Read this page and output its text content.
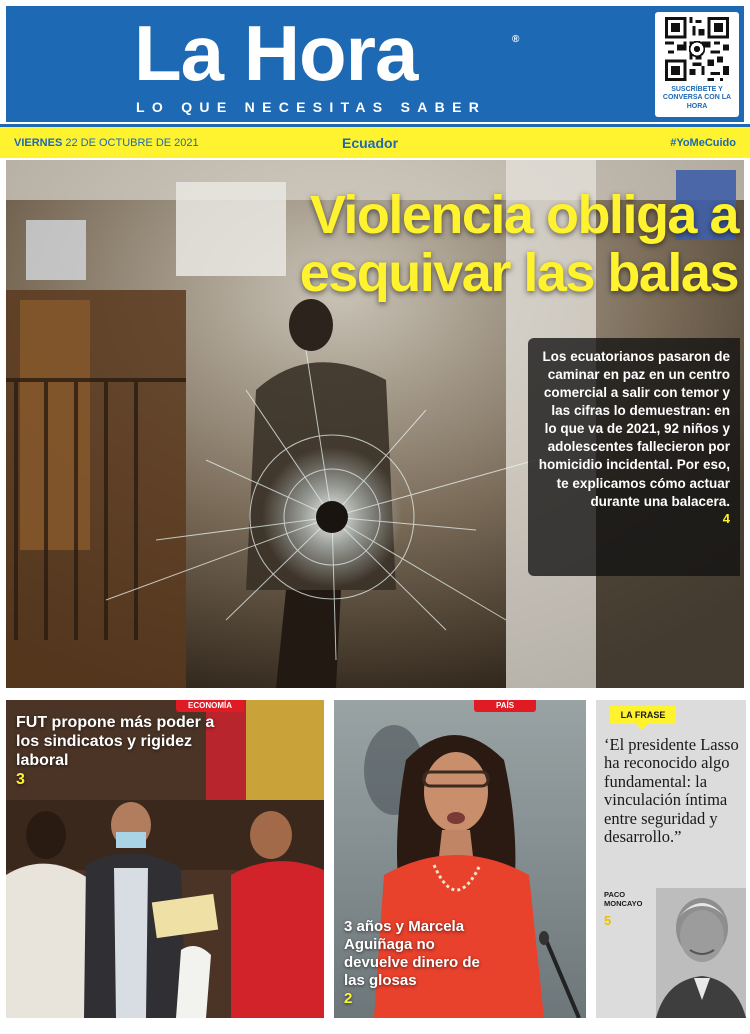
La Hora	®
LO QUE NECESITAS SABER
SUSCRÍBETE Y CONVERSA CON LA HORA
VIERNES 22 DE OCTUBRE DE 2021	Ecuador	#YoMeCuido
Violencia obliga a esquivar las balas
Los ecuatorianos pasaron de caminar en paz en un centro comercial a salir con temor y las cifras lo demuestran: en lo que va de 2021, 92 niños y adolescentes fallecieron por homicidio incidental. Por eso, te explicamos cómo actuar durante una balacera.
4
ECONOMÍA
FUT propone más poder a los sindicatos y rigidez laboral
3
PAÍS
3 años y Marcela Aguiñaga no devuelve dinero de las glosas
2
LA FRASE
‘El presidente Lasso ha reconocido algo fundamental: la vinculación íntima entre seguridad y desarrollo.”
PACO MONCAYO
5
